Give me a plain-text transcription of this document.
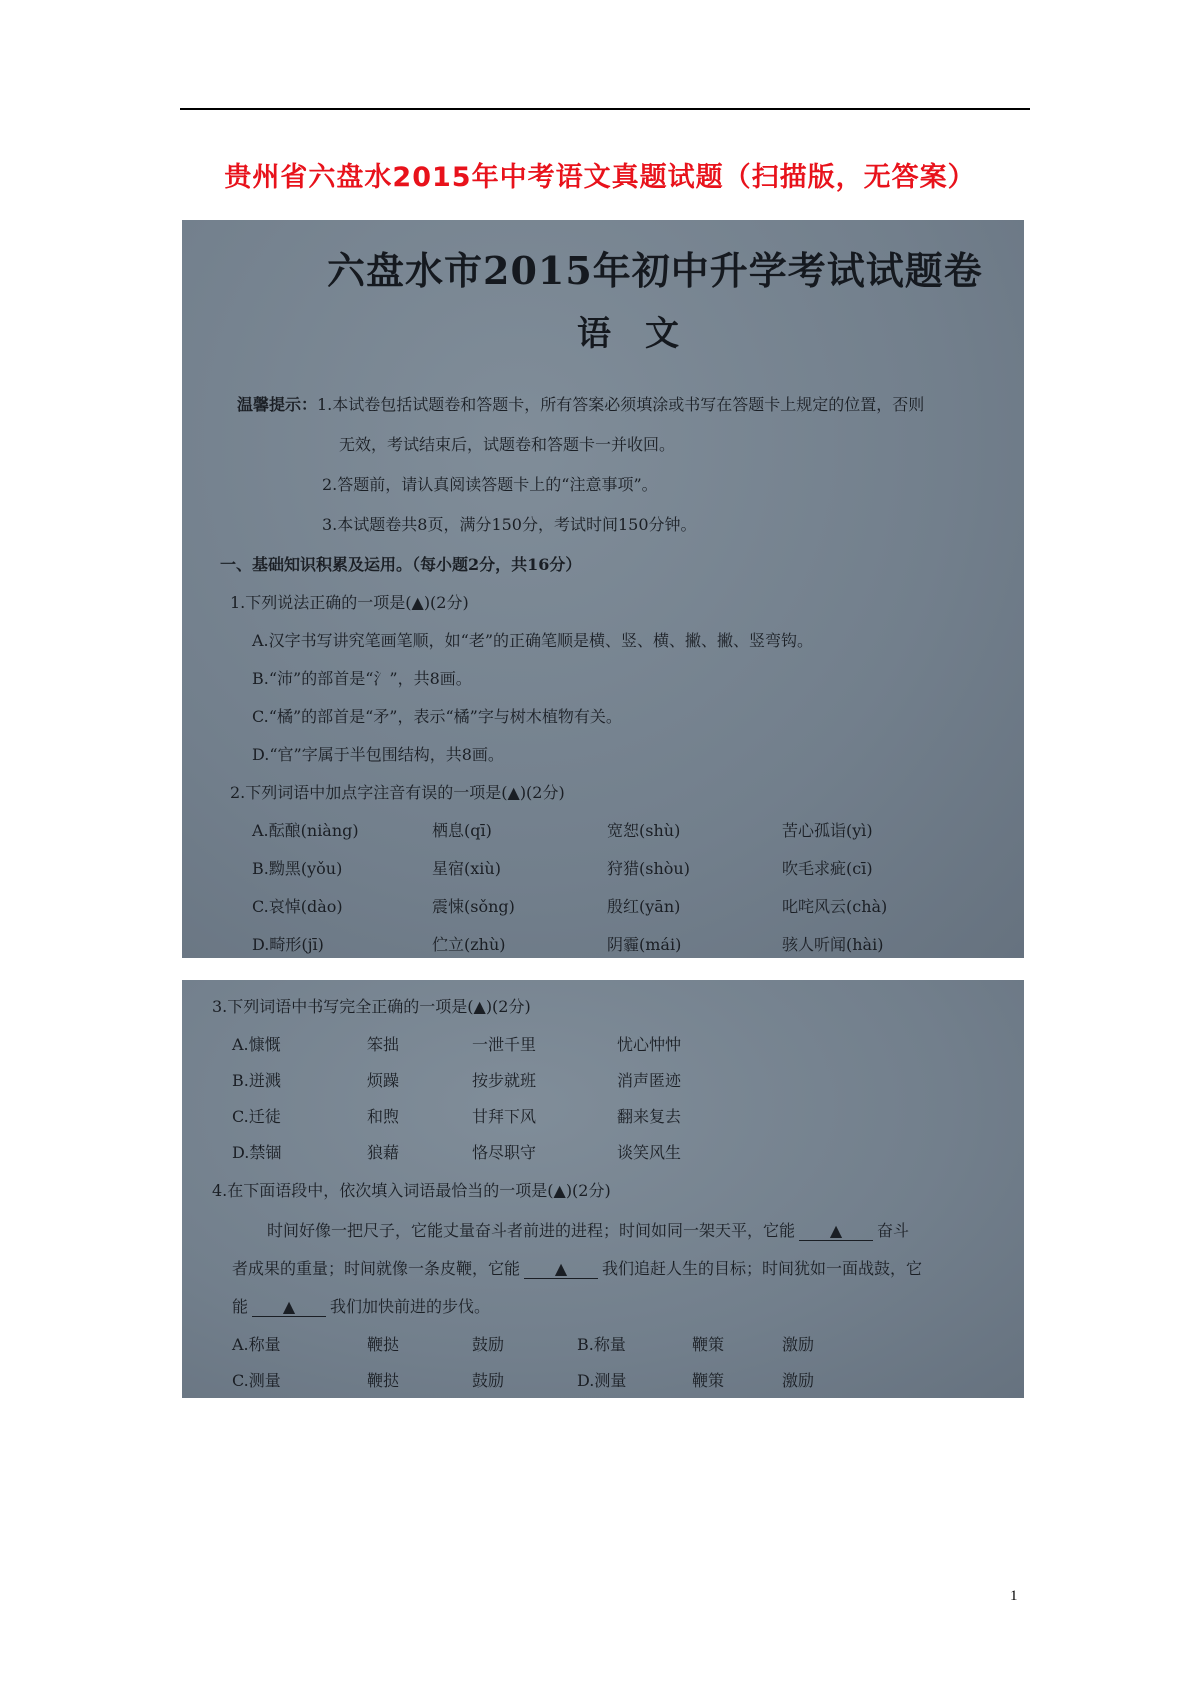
贵州省六盘水2015年中考语文真题试题（扫描版，无答案）
六盘水市2015年初中升学考试试题卷
语　文
温馨提示： 1.本试卷包括试题卷和答题卡，所有答案必须填涂或书写在答题卡上规定的位置，否则
无效，考试结束后，试题卷和答题卡一并收回。
2.答题前，请认真阅读答题卡上的“注意事项”。
3.本试题卷共8页，满分150分，考试时间150分钟。
一、基础知识积累及运用。（每小题2分，共16分）
1.下列说法正确的一项是(▲)(2分)
A.汉字书写讲究笔画笔顺，如“老”的正确笔顺是横、竖、横、撇、撇、竖弯钩。
B.“沛”的部首是“氵”，共8画。
C.“橘”的部首是“矛”，表示“橘”字与树木植物有关。
D.“官”字属于半包围结构，共8画。
2.下列词语中加点字注音有误的一项是(▲)(2分)
A.酝酿(niàng)	栖息(qī)	宽恕(shù)	苦心孤诣(yì)
B.黝黑(yǒu)	星宿(xiù)	狩猎(shòu)	吹毛求疵(cī)
C.哀悼(dào)	震悚(sǒng)	殷红(yān)	叱咤风云(chà)
D.畸形(jī)	伫立(zhù)	阴霾(mái)	骇人听闻(hài)
3.下列词语中书写完全正确的一项是(▲)(2分)
A.慷慨	笨拙	一泄千里	忧心忡忡
B.迸溅	烦躁	按步就班	消声匿迹
C.迁徒	和煦	甘拜下风	翻来复去
D.禁锢	狼藉	恪尽职守	谈笑风生
4.在下面语段中，依次填入词语最恰当的一项是(▲)(2分)
时间好像一把尺子，它能丈量奋斗者前进的进程；时间如同一架天平，它能 ▲ 奋斗
者成果的重量；时间就像一条皮鞭，它能 ▲ 我们追赶人生的目标；时间犹如一面战鼓，它
能 ▲ 我们加快前进的步伐。
A.称量	鞭挞	鼓励	B.称量	鞭策	激励
C.测量	鞭挞	鼓励	D.测量	鞭策	激励
1
